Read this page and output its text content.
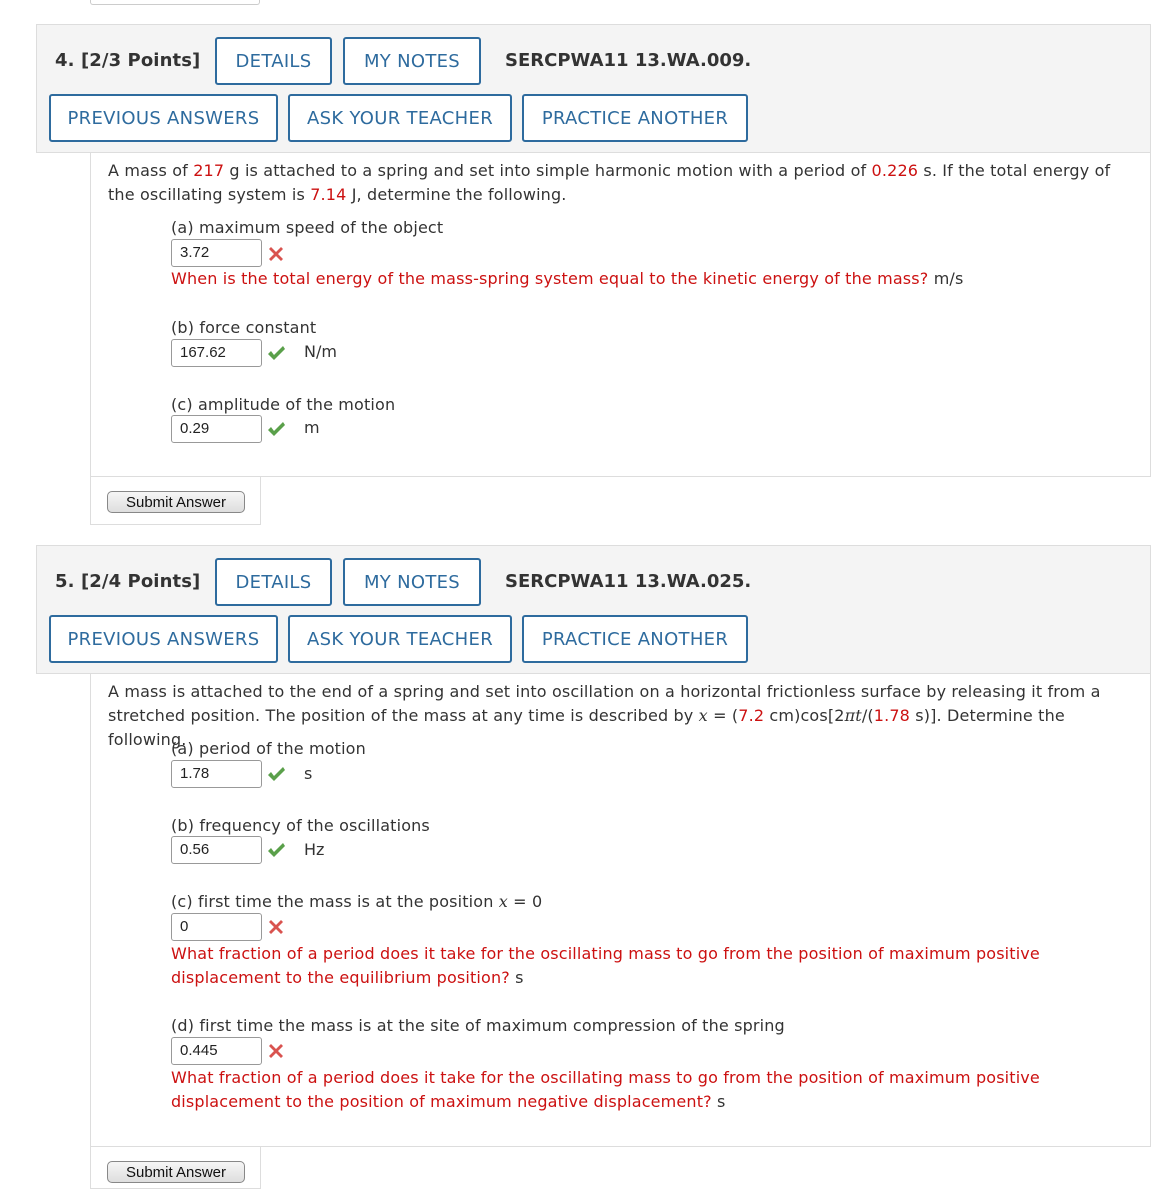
4. [2/3 Points]	DETAILS	MY NOTES	SERCPWA11 13.WA.009.
PREVIOUS ANSWERS	ASK YOUR TEACHER	PRACTICE ANOTHER
A mass of 217 g is attached to a spring and set into simple harmonic motion with a period of 0.226 s. If the total energy of the oscillating system is 7.14 J, determine the following.
(a) maximum speed of the object
3.72
When is the total energy of the mass-spring system equal to the kinetic energy of the mass? m/s
(b) force constant
167.62	N/m
(c) amplitude of the motion
0.29	m
Submit Answer
5. [2/4 Points]	DETAILS	MY NOTES	SERCPWA11 13.WA.025.
PREVIOUS ANSWERS	ASK YOUR TEACHER	PRACTICE ANOTHER
A mass is attached to the end of a spring and set into oscillation on a horizontal frictionless surface by releasing it from a
stretched position. The position of the mass at any time is described by x = (7.2 cm)cos[2πt/(1.78 s)]. Determine the following.
(a) period of the motion
1.78	s
(b) frequency of the oscillations
0.56	Hz
(c) first time the mass is at the position x = 0
0
What fraction of a period does it take for the oscillating mass to go from the position of maximum positive displacement to the equilibrium position? s
(d) first time the mass is at the site of maximum compression of the spring
0.445
What fraction of a period does it take for the oscillating mass to go from the position of maximum positive displacement to the position of maximum negative displacement? s
Submit Answer
